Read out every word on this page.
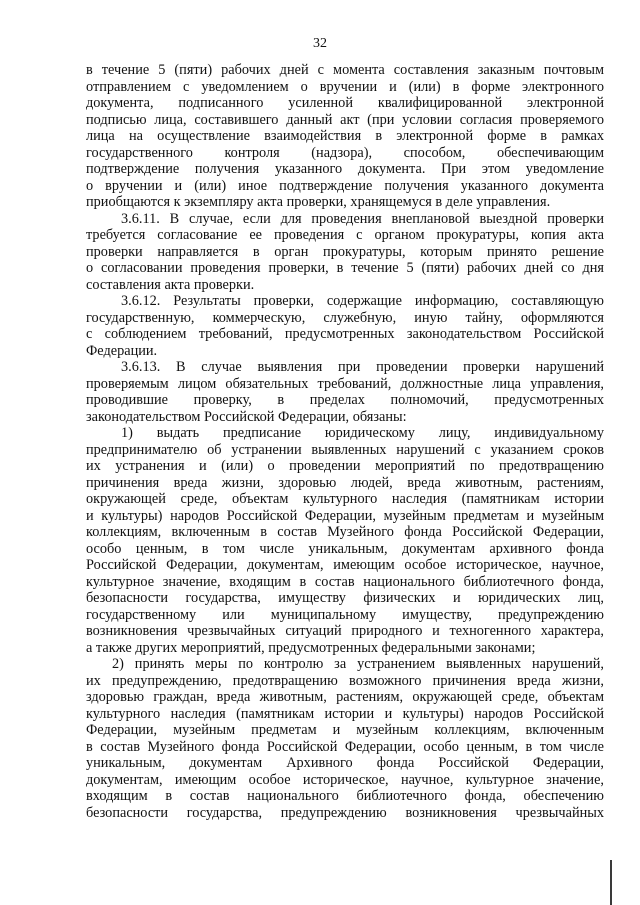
32
в течение 5 (пяти) рабочих дней с момента составления заказным почтовым
отправлением с уведомлением о вручении и (или) в форме электронного
документа, подписанного усиленной квалифицированной электронной
подписью лица, составившего данный акт (при условии согласия проверяемого
лица на осуществление взаимодействия в электронной форме в рамках
государственного контроля (надзора), способом, обеспечивающим
подтверждение получения указанного документа. При этом уведомление
о вручении и (или) иное подтверждение получения указанного документа
приобщаются к экземпляру акта проверки, хранящемуся в деле управления.
3.6.11. В случае, если для проведения внеплановой выездной проверки
требуется согласование ее проведения с органом прокуратуры, копия акта
проверки направляется в орган прокуратуры, которым принято решение
о согласовании проведения проверки, в течение 5 (пяти) рабочих дней со дня
составления акта проверки.
3.6.12. Результаты проверки, содержащие информацию, составляющую
государственную, коммерческую, служебную, иную тайну, оформляются
с соблюдением требований, предусмотренных законодательством Российской
Федерации.
3.6.13. В случае выявления при проведении проверки нарушений
проверяемым лицом обязательных требований, должностные лица управления,
проводившие проверку, в пределах полномочий, предусмотренных
законодательством Российской Федерации, обязаны:
1) выдать предписание юридическому лицу, индивидуальному
предпринимателю об устранении выявленных нарушений с указанием сроков
их устранения и (или) о проведении мероприятий по предотвращению
причинения вреда жизни, здоровью людей, вреда животным, растениям,
окружающей среде, объектам культурного наследия (памятникам истории
и культуры) народов Российской Федерации, музейным предметам и музейным
коллекциям, включенным в состав Музейного фонда Российской Федерации,
особо ценным, в том числе уникальным, документам архивного фонда
Российской Федерации, документам, имеющим особое историческое, научное,
культурное значение, входящим в состав национального библиотечного фонда,
безопасности государства, имуществу физических и юридических лиц,
государственному или муниципальному имуществу, предупреждению
возникновения чрезвычайных ситуаций природного и техногенного характера,
а также других мероприятий, предусмотренных федеральными законами;
2) принять меры по контролю за устранением выявленных нарушений,
их предупреждению, предотвращению возможного причинения вреда жизни,
здоровью граждан, вреда животным, растениям, окружающей среде, объектам
культурного наследия (памятникам истории и культуры) народов Российской
Федерации, музейным предметам и музейным коллекциям, включенным
в состав Музейного фонда Российской Федерации, особо ценным, в том числе
уникальным, документам Архивного фонда Российской Федерации,
документам, имеющим особое историческое, научное, культурное значение,
входящим в состав национального библиотечного фонда, обеспечению
безопасности государства, предупреждению возникновения чрезвычайных
